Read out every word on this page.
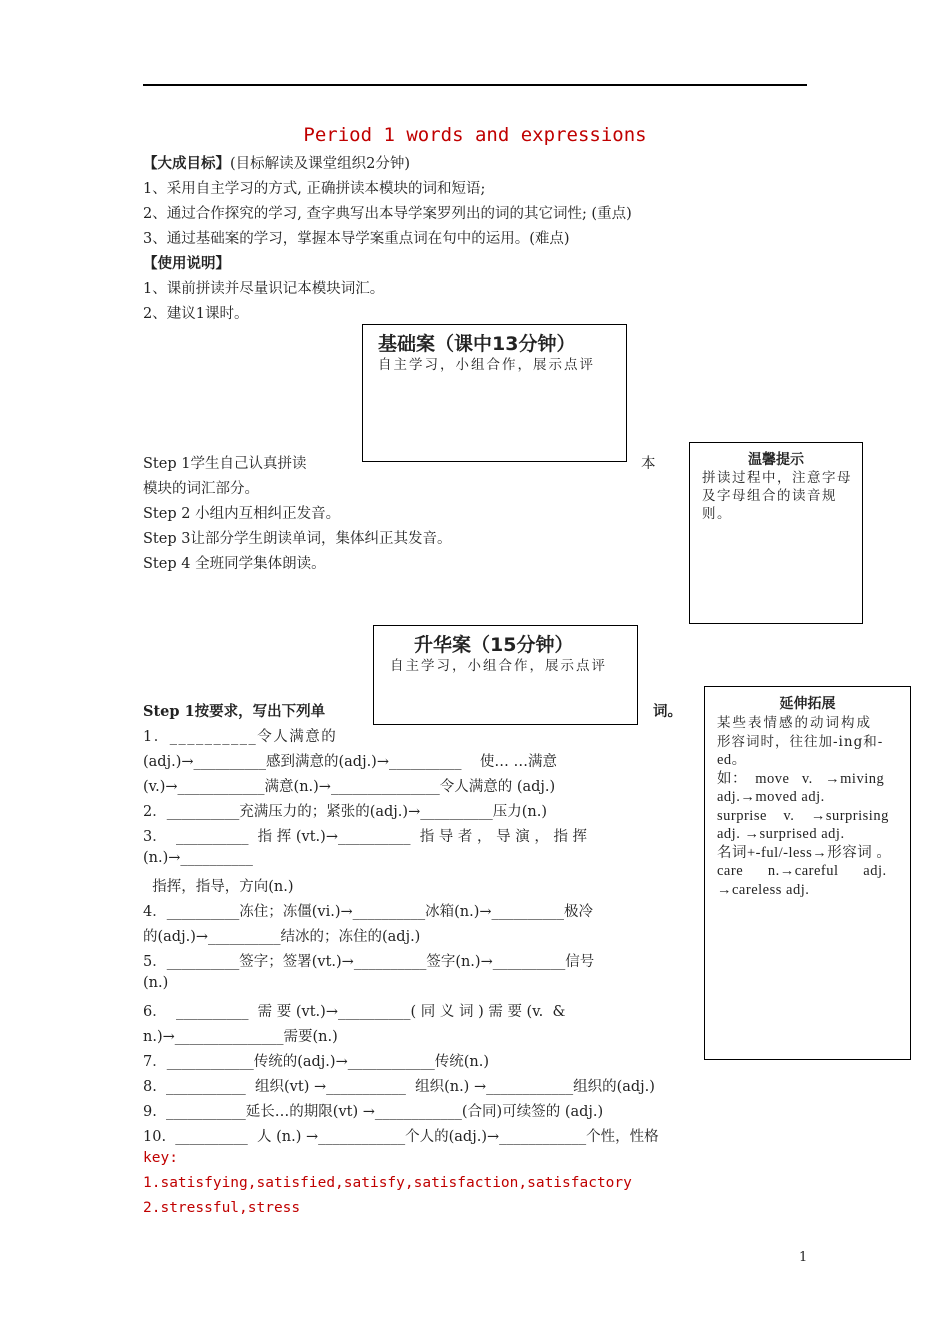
Period 1 words and expressions
【大成目标】(目标解读及课堂组织2分钟)
1、采用自主学习的方式, 正确拼读本模块的词和短语;
2、通过合作探究的学习, 查字典写出本导学案罗列出的词的其它词性; (重点)
3、通过基础案的学习，掌握本导学案重点词在句中的运用。(难点)
【使用说明】
1、课前拼读并尽量识记本模块词汇。
2、建议1课时。
基础案（课中13分钟）
自主学习，小组合作，展示点评
Step 1学生自己认真拼读	本
模块的词汇部分。
Step 2 小组内互相纠正发音。
Step 3让部分学生朗读单词，集体纠正其发音。
Step 4 全班同学集体朗读。
温馨提示
拼读过程中，注意字母及字母组合的读音规则。
升华案（15分钟）
自主学习，小组合作，展示点评
Step 1按要求，写出下列单	词。	延伸拓展
某些表情感的动词构成
形容词时，往往加-ing和-
ed。
如：  move   v.   →miving
adj.→moved adj.
surprise    v.    →surprising
adj. →surprised adj.
名词+-ful/-less→形容词 。
care      n.→careful      adj.
→careless adj.
1．__________令人满意的
(adj.)→__________感到满意的(adj.)→__________    使… …满意
(v.)→____________满意(n.)→_______________令人满意的 (adj.)
2．__________充满压力的；紧张的(adj.)→__________压力(n.)
3．  __________  指 挥 (vt.)→__________  指 导 者 ， 导 演 ， 指 挥
(n.)→__________
指挥，指导，方向(n.)
4．__________冻住；冻僵(vi.)→__________冰箱(n.)→__________极冷
的(adj.)→__________结冰的；冻住的(adj.)
5．__________签字；签署(vt.)→__________签字(n.)→__________信号
(n.)
6．  __________  需 要 (vt.)→__________( 同 义 词 ) 需 要 (v.  &
n.)→_______________需要(n.)
7．____________传统的(adj.)→____________传统(n.)
8.  ___________  组织(vt) →___________  组织(n.) →____________组织的(adj.)
9.  ___________延长…的期限(vt) →____________(合同)可续签的 (adj.)
10.  __________  人 (n.) →____________个人的(adj.)→____________个性，性格
key:
1.satisfying,satisfied,satisfy,satisfaction,satisfactory
2.stressful,stress
1
